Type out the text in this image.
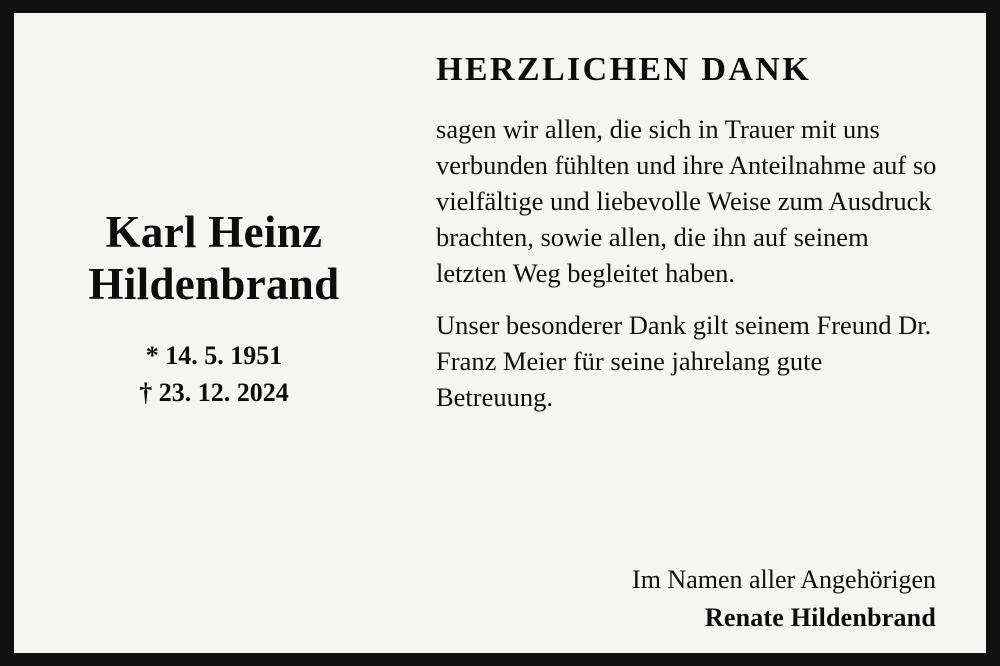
Karl Heinz
Hildenbrand
* 14. 5. 1951
† 23. 12. 2024
HERZLICHEN DANK

sagen wir allen, die sich in Trauer mit uns verbunden fühlten und ihre Anteilnahme auf so vielfältige und liebevolle Weise zum Ausdruck brachten, sowie allen, die ihn auf seinem letzten Weg begleitet haben.

Unser besonderer Dank gilt seinem Freund Dr. Franz Meier für seine jahrelang gute Betreuung.

Im Namen aller Angehörigen
Renate Hildenbrand
